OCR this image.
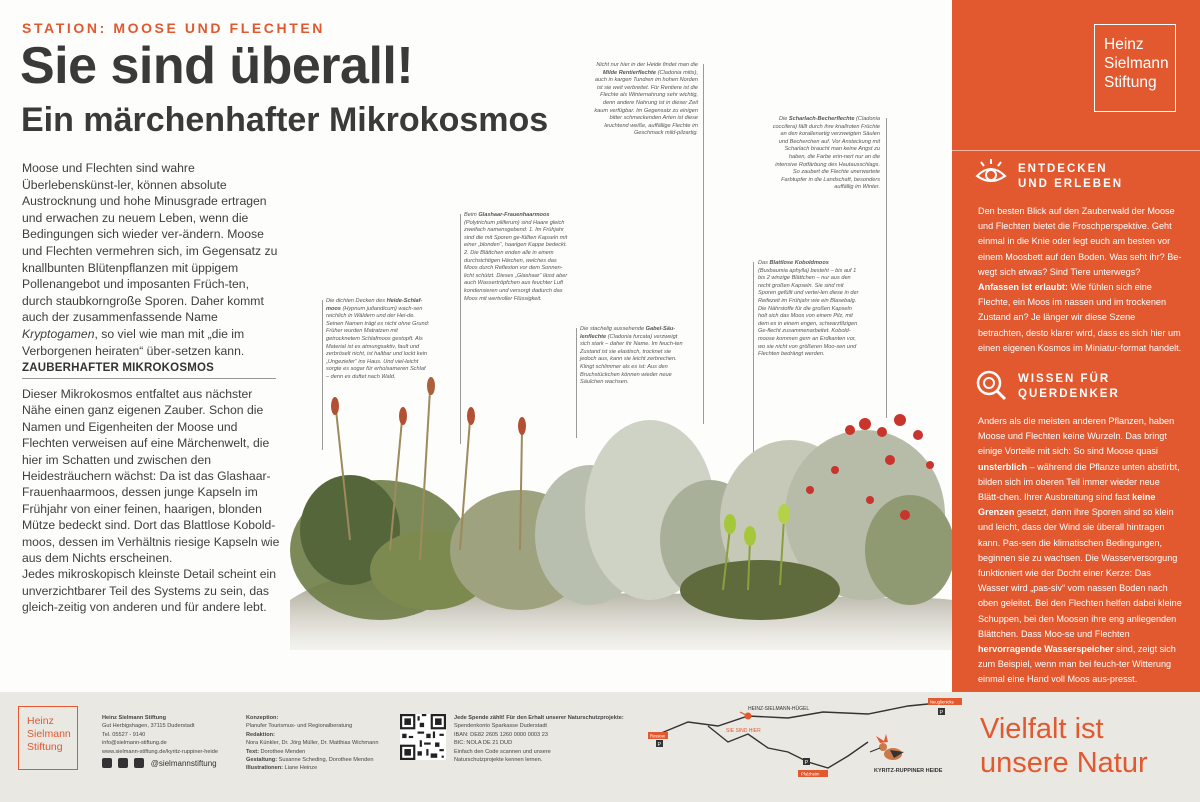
STATION: MOOSE UND FLECHTEN
Sie sind überall!
Ein märchenhafter Mikrokosmos
Moose und Flechten sind wahre Überlebenskünst-ler, können absolute Austrocknung und hohe Minusgrade ertragen und erwachen zu neuem Leben, wenn die Bedingungen sich wieder ver-ändern. Moose und Flechten vermehren sich, im Gegensatz zu knallbunten Blütenpflanzen mit üppigem Pollenangebot und imposanten Früch-ten, durch staubkorngroße Sporen. Daher kommt auch der zusammenfassende Name Kryptogamen, so viel wie man mit „die im Verborgenen heiraten“ über-setzen kann.
ZAUBERHAFTER MIKROKOSMOS

Dieser Mikrokosmos entfaltet aus nächster Nähe einen ganz eigenen Zauber. Schon die Namen und Eigenheiten der Moose und Flechten verweisen auf eine Märchenwelt, die hier im Schatten und zwischen den Heidesträuchern wächst: Da ist das Glashaar-Frauenhaarmoos, dessen junge Kapseln im Frühjahr von einer feinen, haarigen, blonden Mütze bedeckt sind. Dort das Blattlose Kobold-moos, dessen im Verhältnis riesige Kapseln wie aus dem Nichts erscheinen.

Jedes mikroskopisch kleinste Detail scheint ein unverzichtbarer Teil des Systems zu sein, das gleich-zeitig von anderen und für andere lebt.

Die dichten Decken des Heide-Schlaf-moos (Hypnum jutlandicum) wach-sen reichlich in Wäldern und der Hei-de. Seinen Namen trägt es nicht ohne Grund: Früher wurden Matratzen mit getrocknetem Schlafmoos gestopft. Als Material ist es atmungsaktiv, fault und zerbröselt nicht, ist haltbar und lockt kein „Ungeziefer“ ins Haus. Und viel-leicht sorgte es sogar für erholsameren Schlaf – denn es duftet nach Wald.
Beim Glashaar-Frauenhaarmoos (Polytrichum piliferum) sind Haare gleich zweifach namensgebend: 1. Im Frühjahr sind die mit Sporen ge-füllten Kapseln mit einer „blonden“, haarigen Kappe bedeckt. 2. Die Blättchen enden alle in einem durchsichtigen Härchen, welches das Moos durch Reflexion vor dem Sonnen-licht schützt. Dieses „Glashaar“ lässt aber auch Wassertröpfchen aus feuchter Luft kondensieren und versorgt dadurch das Moos mit wertvoller Flüssigkeit.
Nicht nur hier in der Heide findet man die Milde Rentierflechte (Cladonia mitis), auch in kargen Tundren im hohen Norden ist sie weit verbreitet. Für Rentiere ist die Flechte als Winternahrung sehr wichtig, denn andere Nahrung ist in dieser Zeit kaum verfügbar. Im Gegensatz zu einigen bitter schmeckenden Arten ist diese leuchtend weiße, auffällige Flechte im Geschmack mild-pilzartig.
Die stachelig aussehende Gabel-Säu-lenflechte (Cladonia furcata) verzweigt sich stark – daher ihr Name. Im feuch-ten Zustand ist sie elastisch, trocknet sie jedoch aus, kann sie leicht zerbrechen. Klingt schlimmer als es ist: Aus den Bruchstückchen können wieder neue Säulchen wachsen.
Das Blattlose Koboldmoos (Buxbaumia aphylla) besteht – bis auf 1 bis 2 winzige Blättchen – nur aus den recht großen Kapseln. Sie sind mit Sporen gefüllt und vertei-len diese in der Reifezeit im Frühjahr wie ein Blasebalg. Die Nährstoffe für die großen Kapseln holt sich das Moos von einem Pilz, mit dem es in einem engen, schwarzfilzigen Ge-flecht zusammenarbeitet. Kobold-moose kommen gern an Erdkanten vor, wo sie nicht von größeren Moo-sen und Flechten bedrängt werden.
Die Scharlach-Becherflechte (Cladonia coccifera) fällt durch ihre knallroten Früchte an den korallenartig verzweigten Säulen und Becherchen auf. Vor Ansteckung mit Scharlach braucht man keine Angst zu haben, die Farbe erin-nert nur an die intensive Rotfärbung des Hautausschlags. So zaubert die Flechte unerwartete Farbtupfer in die Landschaft, besonders auffällig im Winter.
Heinz
Sielmann
Stiftung
ENTDECKEN
UND ERLEBEN
Den besten Blick auf den Zauberwald der Moose und Flechten bietet die Froschperspektive. Geht einmal in die Knie oder legt euch am besten vor einem Moosbett auf den Boden. Was seht ihr? Be-wegt sich etwas? Sind Tiere unterwegs? Anfassen ist erlaubt: Wie fühlen sich eine Flechte, ein Moos im nassen und im trockenen Zustand an? Je länger wir diese Szene betrachten, desto klarer wird, dass es sich hier um einen eigenen Kosmos im Miniatur-format handelt.
WISSEN FÜR
QUERDENKER
Anders als die meisten anderen Pflanzen, haben Moose und Flechten keine Wurzeln. Das bringt einige Vorteile mit sich: So sind Moose quasi unsterblich – während die Pflanze unten abstirbt, bilden sich im oberen Teil immer wieder neue Blätt-chen. Ihrer Ausbreitung sind fast keine Grenzen gesetzt, denn ihre Sporen sind so klein und leicht, dass der Wind sie überall hintragen kann. Pas-sen die klimatischen Bedingungen, beginnen sie zu wachsen. Die Wasserversorgung funktioniert wie der Docht einer Kerze: Das Wasser wird „pas-siv“ vom nassen Boden nach oben geleitet. Bei den Flechten helfen dabei kleine Schuppen, bei den Moosen ihre eng anliegenden Blättchen. Dass Moo-se und Flechten hervorragende Wasserspeicher sind, zeigt sich zum Beispiel, wenn man bei feuch-ter Witterung einmal eine Hand voll Moos aus-presst.
Heinz
Sielmann
Stiftung
Heinz Sielmann Stiftung
Gut Herbigshagen, 37115 Duderstadt
Tel. 05527 - 9140
info@sielmann-stiftung.de
www.sielmann-stiftung.de/kyritz-ruppiner-heide
@sielmannstiftung
Konzeption:
Planufer Tourismus- und Regionalberatung
Redaktion:
Nora Künkler, Dr. Jörg Müller, Dr. Matthias Wichmann
Text: Dorothee Menden
Gestaltung: Susanne Scheding, Dorothee Menden
Illustrationen: Liane Heinze
Jede Spende zählt! Für den Erhalt unserer Naturschutzprojekte:
Spendenkonto Sparkasse Duderstadt
IBAN: DE82 2605 1260 0000 0003 23
BIC: NOLA DE 21 DUD
Einfach den Code scannen und unsere
Naturschutzprojekte kennen lernen.
Rossow
SIE SIND HIER
HEINZ-SIELMANN-HÜGEL
Neuglienicke
Pfalzheim
P
P
P
KYRITZ-RUPPINER HEIDE
Vielfalt ist
unsere Natur
